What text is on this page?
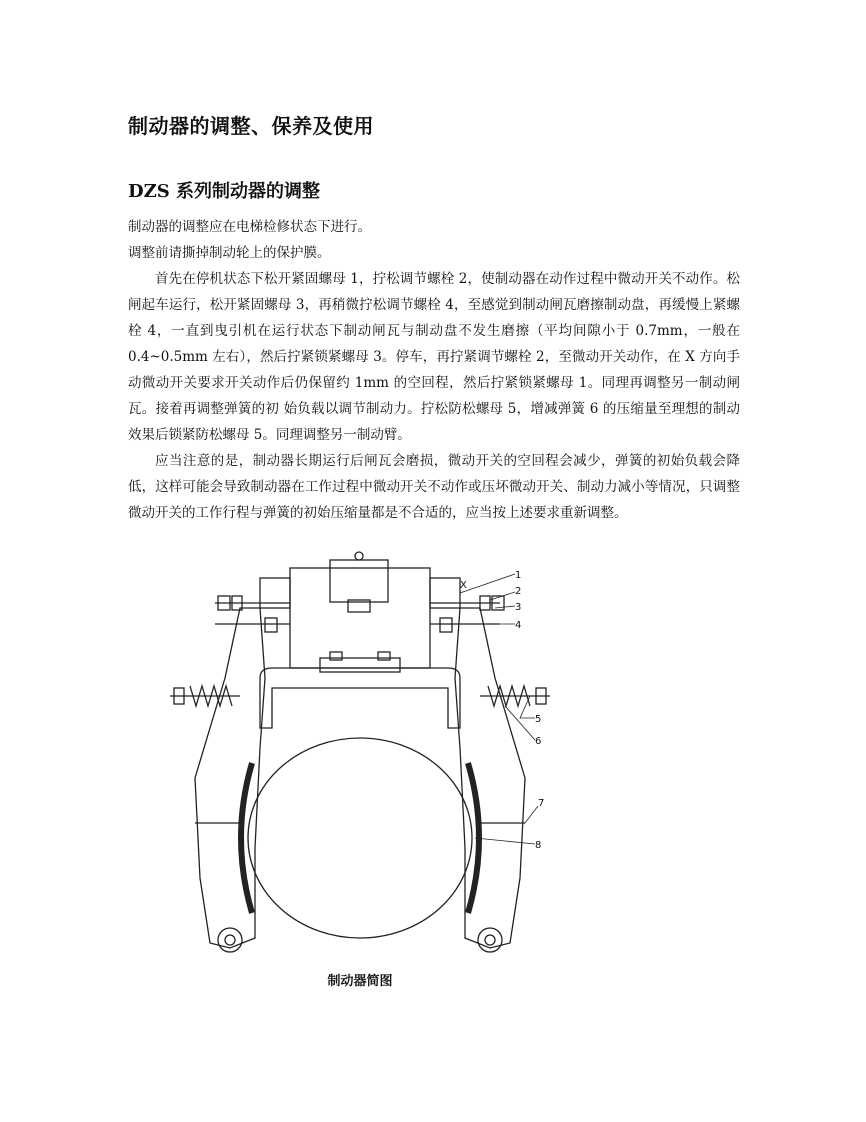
制动器的调整、保养及使用
DZS 系列制动器的调整

制动器的调整应在电梯检修状态下进行。

调整前请撕掉制动轮上的保护膜。

首先在停机状态下松开紧固螺母 1，拧松调节螺栓 2，使制动器在动作过程中微动开关不动作。松闸起车运行，松开紧固螺母 3，再稍微拧松调节螺栓 4，至感觉到制动闸瓦磨擦制动盘，再缓慢上紧螺栓 4，一直到曳引机在运行状态下制动闸瓦与制动盘不发生磨擦（平均间隙小于 0.7mm，一般在 0.4~0.5mm 左右），然后拧紧锁紧螺母 3。停车，再拧紧调节螺栓 2，至微动开关动作，在 X 方向手动微动开关要求开关动作后仍保留约 1mm 的空回程，然后拧紧锁紧螺母 1。同理再调整另一制动闸瓦。接着再调整弹簧的初 始负载以调节制动力。拧松防松螺母 5，增减弹簧 6 的压缩量至理想的制动效果后锁紧防松螺母 5。同理调整另一制动臂。

应当注意的是，制动器长期运行后闸瓦会磨损，微动开关的空回程会减少，弹簧的初始负载会降低，这样可能会导致制动器在工作过程中微动开关不动作或压坏微动开关、制动力减小等情况，只调整微动开关的工作行程与弹簧的初始压缩量都是不合适的，应当按上述要求重新调整。

X
1
2
3
4
5
6
7
8
制动器简图
